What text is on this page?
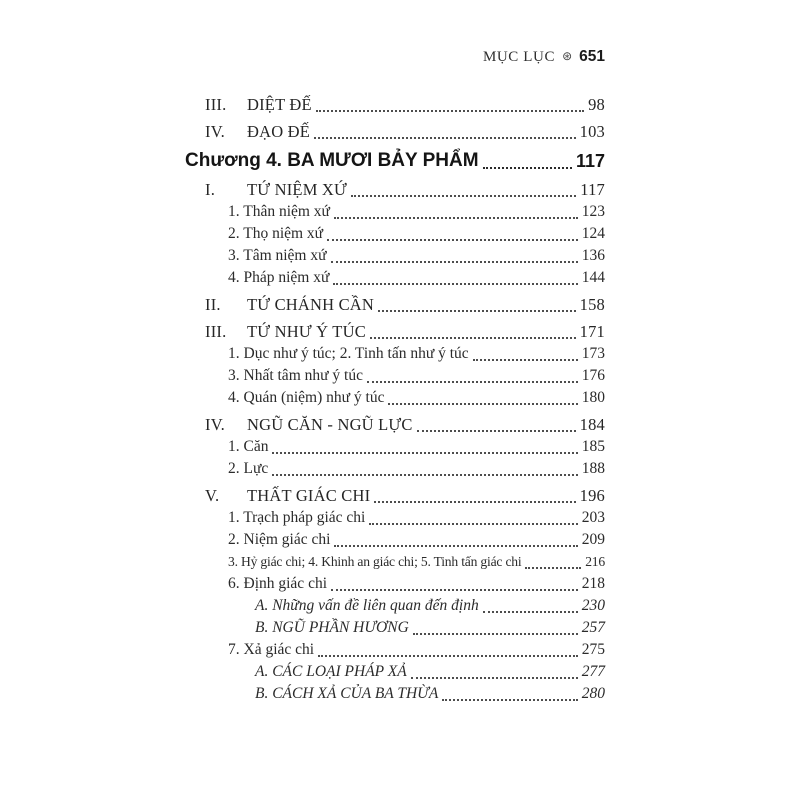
MỤC LỤC ⊛ 651
III.	DIỆT ĐẾ	98
IV.	ĐẠO ĐẾ	103
Chương 4. BA MƯƠI BẢY PHẨM	117
I.	TỨ NIỆM XỨ	117
1. Thân niệm xứ	123
2. Thọ niệm xứ	124
3. Tâm niệm xứ	136
4. Pháp niệm xứ	144
II.	TỨ CHÁNH CẦN	158
III.	TỨ NHƯ Ý TÚC	171
1. Dục như ý túc; 2. Tinh tấn như ý túc	173
3. Nhất tâm như ý túc	176
4. Quán (niệm) như ý túc	180
IV.	NGŨ CĂN - NGŨ LỰC	184
1. Căn	185
2. Lực	188
V.	THẤT GIÁC CHI	196
1. Trạch pháp giác chi	203
2. Niệm giác chi	209
3. Hỷ giác chi; 4. Khinh an giác chi; 5. Tinh tấn giác chi	216
6. Định giác chi	218
A. Những vấn đề liên quan đến định	230
B. NGŨ PHẦN HƯƠNG	257
7. Xả giác chi	275
A. CÁC LOẠI PHÁP XẢ	277
B. CÁCH XẢ CỦA BA THỪA	280
